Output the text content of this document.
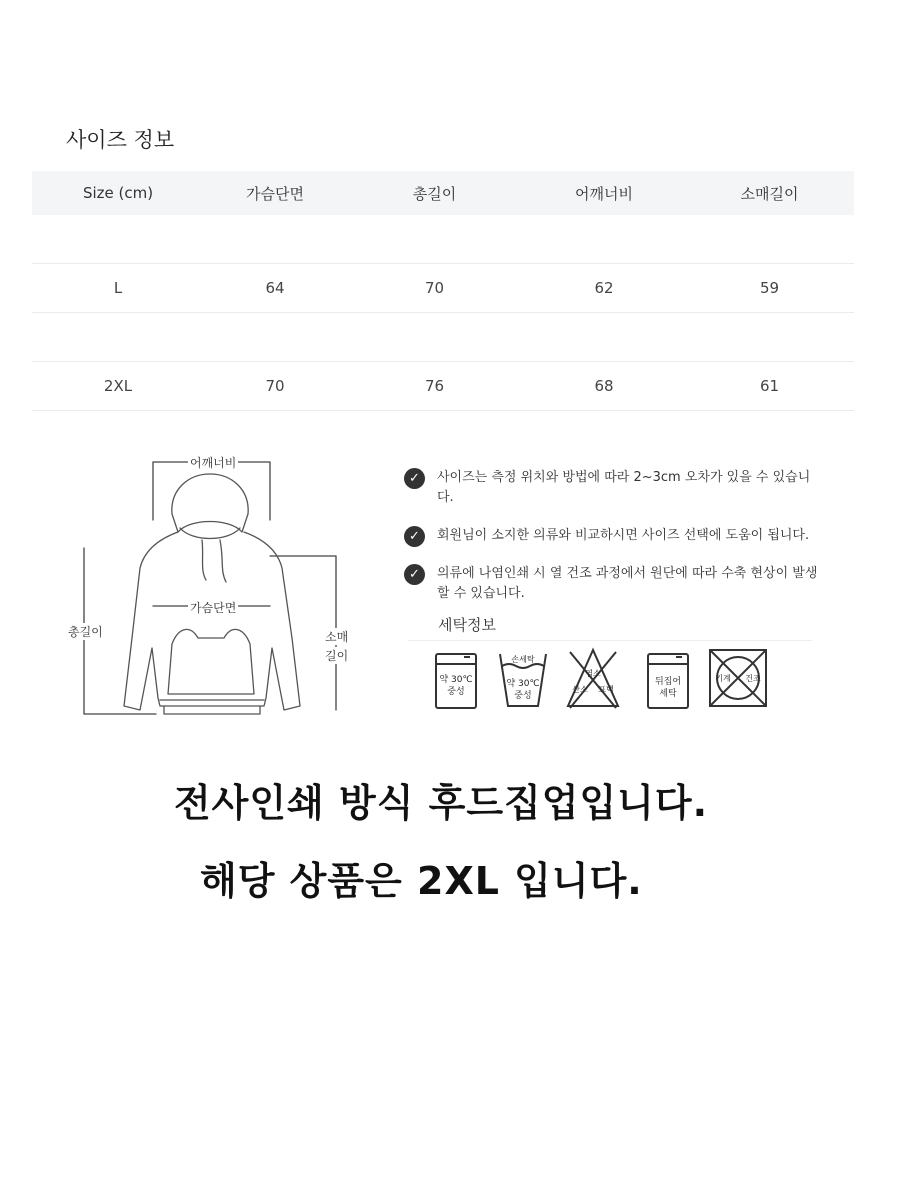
사이즈 정보
Size (cm)	가슴단면	총길이	어깨너비	소매길이

L	64	70	62	59

2XL	70	76	68	61
어깨너비
가슴단면
총길이	소매
길이
✓	사이즈는 측정 위치와 방법에 따라 2~3cm 오차가 있을 수 있습니다.
✓	회원님이 소지한 의류와 비교하시면 사이즈 선택에 도움이 됩니다.
✓	의류에 나염인쇄 시 열 건조 과정에서 원단에 따라 수축 현상이 발생 할 수 있습니다.
세탁정보
약 30℃
중성
손세탁
약 30℃
중성
염소
산소 표백
뒤집어
세탁
기계 건조
전사인쇄 방식 후드집업입니다.
해당 상품은 2XL 입니다.
